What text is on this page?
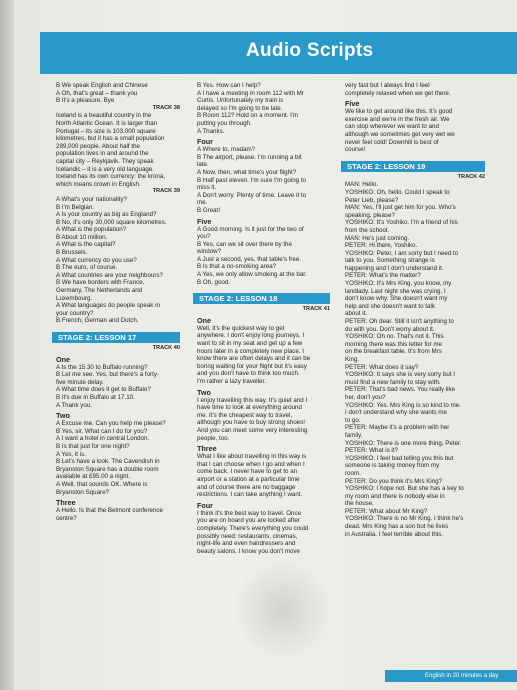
Audio Scripts
B We speak English and Chinese
A Oh, that's great – thank you
B It's a pleasure. Bye
TRACK 38
Iceland is a beautiful country in the
North Atlantic Ocean. It is larger than
Portugal – its size is 103,000 square
kilometres, but it has a small population
289,000 people. About half the
population lives in and around the
capital city – Reykjavik. They speak
Icelandic – it is a very old language.
Iceland has its own currency: the krona,
which means crown in English.
TRACK 39
A What's your nationality?
B I'm Belgian.
A Is your country as big as England?
B No, it's only 30,000 square kilometres.
A What is the population?
B About 10 million.
A What is the capital?
B Brussels.
A What currency do you use?
B The euro, of course.
A What countries are your neighbours?
B We have borders with France,
Germany, The Netherlands and
Luxembourg.
A What languages do people speak in
your country?
B French, German and Dutch.
STAGE 2: LESSON 17
TRACK 40
One
A Is the 15.30 to Buffalo running?
B Let me see. Yes, but there's a forty-
five minute delay.
A What time does it get to Buffalo?
B It's due in Buffalo at 17.10.
A Thank you.
Two
A Excuse me. Can you help me please?
B Yes, sir. What can I do for you?
A I want a hotel in central London.
B Is that just for one night?
A Yes, it is.
B Let's have a look. The Cavendish in
Bryanston Square has a double room
available at £95.00 a night.
A Well, that sounds OK. Where is
Bryanston Square?
Three
A Hello. Is that the Belmont conference
centre?
B Yes. How can I help?
A I have a meeting in room 112 with Mr
Curtis. Unfortunately my train is
delayed so I'm going to be late.
B Room 112? Hold on a moment. I'm
putting you through.
A Thanks.
Four
A Where to, madam?
B The airport, please. I'm running a bit
late.
A Now, then, what time's your flight?
B Half past eleven. I'm sure I'm going to
miss it.
A Don't worry. Plenty of time. Leave it to
me.
B Great!
Five
A Good morning. Is it just for the two of
you?
B Yes, can we sit over there by the
window?
A Just a second, yes, that table's free.
B Is that a no-smoking area?
A Yes, we only allow smoking at the bar.
B Oh, good.
STAGE 2: LESSON 18
TRACK 41
One
Well, it's the quickest way to get
anywhere. I don't enjoy long journeys. I
want to sit in my seat and get up a few
hours later in a completely new place. I
know there are often delays and it can be
boring waiting for your flight but it's easy
and you don't have to think too much.
I'm rather a lazy traveller.
Two
I enjoy travelling this way. It's quiet and I
have time to look at everything around
me. It's the cheapest way to travel,
although you have to buy strong shoes!
And you can meet some very interesting
people, too.
Three
What I like about travelling in this way is
that I can choose when I go and when I
come back. I never have to get to an
airport or a station at a particular time
and of course there are no baggage
restrictions. I can take anything I want.
Four
I think it's the best way to travel. Once
you are on board you are locked after
completely. There's everything you could
possibly need: restaurants, cinemas,
night-life and even hairdressers and
beauty salons. I know you don't move
very fast but I always find I feel
completely relaxed when we get there.
Five
We like to get around like this. It's good
exercise and we're in the fresh air. We
can stop wherever we want to and
although we sometimes get very wet we
never feel cold! Downhill is best of
course!
STAGE 2: LESSON 19
TRACK 42
MAN: Hello.
YOSHIKO: Oh, hello. Could I speak to
Peter Lieb, please?
MAN: Yes, I'll just get him for you. Who's
speaking, please?
YOSHIKO: It's Yoshiko. I'm a friend of his
from the school.
MAN: He's just coming.
PETER: Hi there, Yoshiko.
YOSHIKO: Peter, I am sorry but I need to
talk to you. Something strange is
happening and I don't understand it.
PETER: What's the matter?
YOSHIKO: It's Mrs King, you know, my
landlady. Last night she was crying. I
don't know why. She doesn't want my
help and she doesn't want to talk
about it.
PETER: Oh dear. Still it isn't anything to
do with you. Don't worry about it.
YOSHIKO: Oh no. That's not it. This
morning there was this letter for me
on the breakfast table. It's from Mrs
King.
PETER: What does it say?
YOSHIKO: It says she is very sorry but I
must find a new family to stay with.
PETER: That's bad news. You really like
her, don't you?
YOSHIKO: Yes. Mrs King is so kind to me.
I don't understand why she wants me
to go.
PETER: Maybe it's a problem with her
family.
YOSHIKO: There is one more thing, Peter.
PETER: What is it?
YOSHIKO: I feel bad telling you this but
someone is taking money from my
room.
PETER: Do you think it's Mrs King?
YOSHIKO: I hope not. But she has a key to
my room and there is nobody else in
the house.
PETER: What about Mr King?
YOSHIKO: There is no Mr King. I think he's
dead. Mrs King has a son but he lives
in Australia. I feel terrible about this.
English in 20 minutes a day
